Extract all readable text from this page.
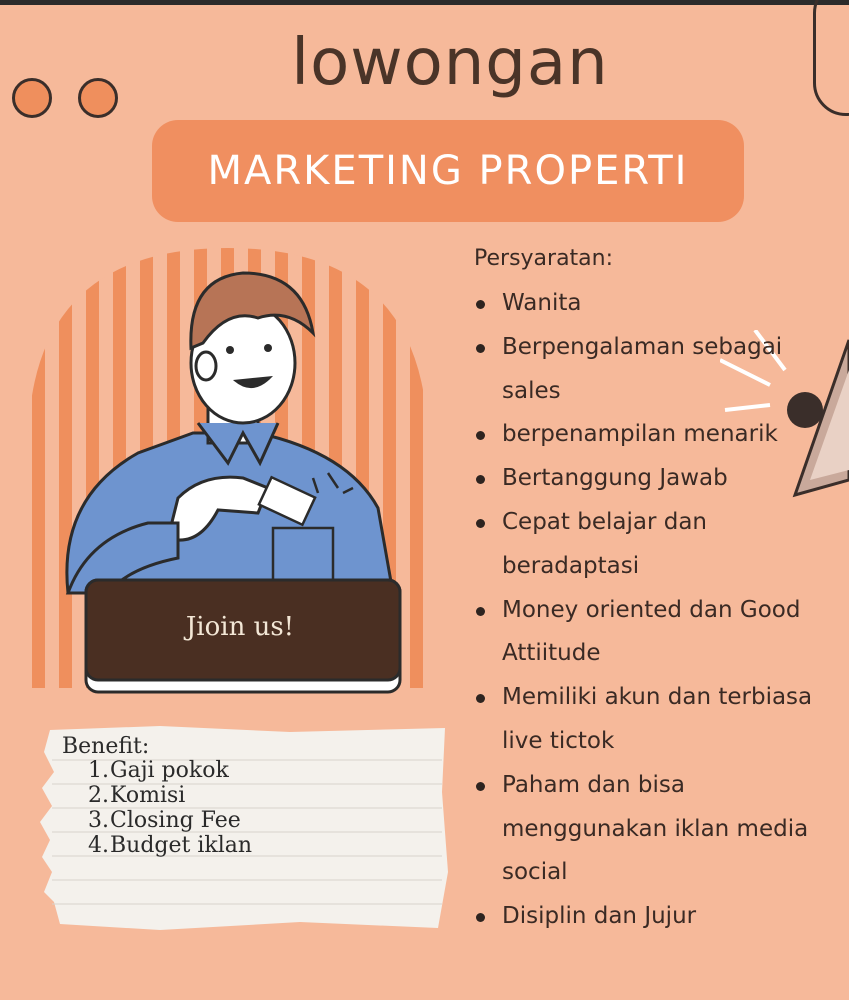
lowongan
MARKETING PROPERTI
Jioin us!
Persyaratan:
Wanita
Berpengalaman sebagai
sales
berpenampilan menarik
Bertanggung Jawab
Cepat belajar dan
beradaptasi
Money oriented dan Good
Attiitude
Memiliki akun dan terbiasa
live tictok
Paham dan bisa
menggunakan iklan media
social
Disiplin dan Jujur
Benefit:
1.Gaji pokok
2.Komisi
3.Closing Fee
4.Budget iklan
